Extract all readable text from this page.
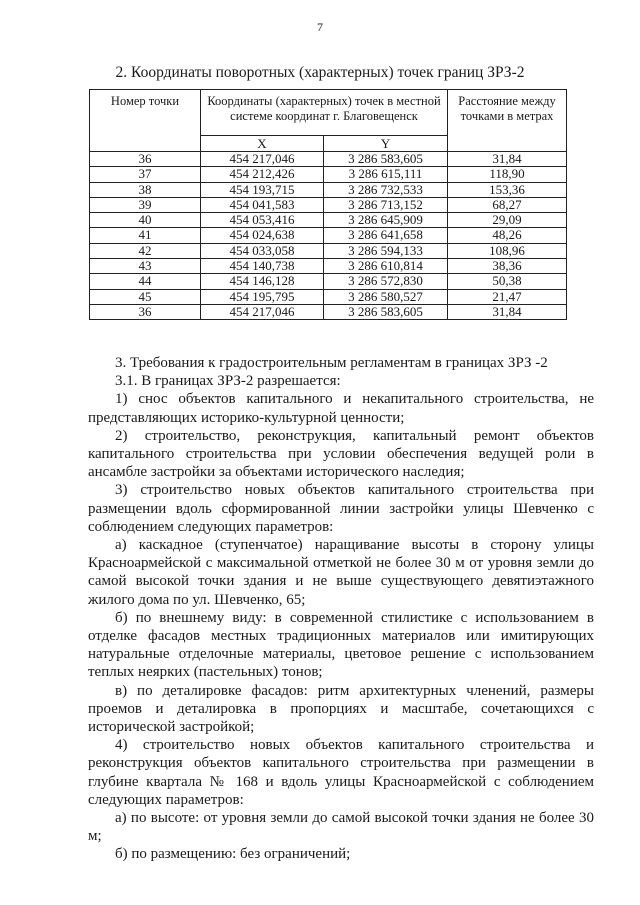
7
2. Координаты поворотных (характерных) точек границ ЗРЗ-2
Номер точки	Координаты (характерных) точек в местной системе координат г. Благовещенск		Расстояние между точками в метрах
	X	Y	
36	454 217,046	3 286 583,605	31,84
37	454 212,426	3 286 615,111	118,90
38	454 193,715	3 286 732,533	153,36
39	454 041,583	3 286 713,152	68,27
40	454 053,416	3 286 645,909	29,09
41	454 024,638	3 286 641,658	48,26
42	454 033,058	3 286 594,133	108,96
43	454 140,738	3 286 610,814	38,36
44	454 146,128	3 286 572,830	50,38
45	454 195,795	3 286 580,527	21,47
36	454 217,046	3 286 583,605	31,84

3. Требования к градостроительным регламентам в границах ЗРЗ -2

3.1. В границах ЗРЗ-2 разрешается:

1) снос объектов капитального и некапитального строительства, не представляющих историко-культурной ценности;

2) строительство, реконструкция, капитальный ремонт объектов капитального строительства при условии обеспечения ведущей роли в ансамбле застройки за объектами исторического наследия;

3) строительство новых объектов капитального строительства при размещении вдоль сформированной линии застройки улицы Шевченко с соблюдением следующих параметров:

а) каскадное (ступенчатое) наращивание высоты в сторону улицы Красноармейской с максимальной отметкой не более 30 м от уровня земли до самой высокой точки здания и не выше существующего девятиэтажного жилого дома по ул. Шевченко, 65;

б) по внешнему виду: в современной стилистике с использованием в отделке фасадов местных традиционных материалов или имитирующих натуральные отделочные материалы, цветовое решение с использованием теплых неярких (пастельных) тонов;

в) по деталировке фасадов: ритм архитектурных членений, размеры проемов и деталировка в пропорциях и масштабе, сочетающихся с исторической застройкой;

4) строительство новых объектов капитального строительства и реконструкция объектов капитального строительства при размещении в глубине квартала № 168 и вдоль улицы Красноармейской с соблюдением следующих параметров:

а) по высоте: от уровня земли до самой высокой точки здания не более 30 м;

б) по размещению: без ограничений;
